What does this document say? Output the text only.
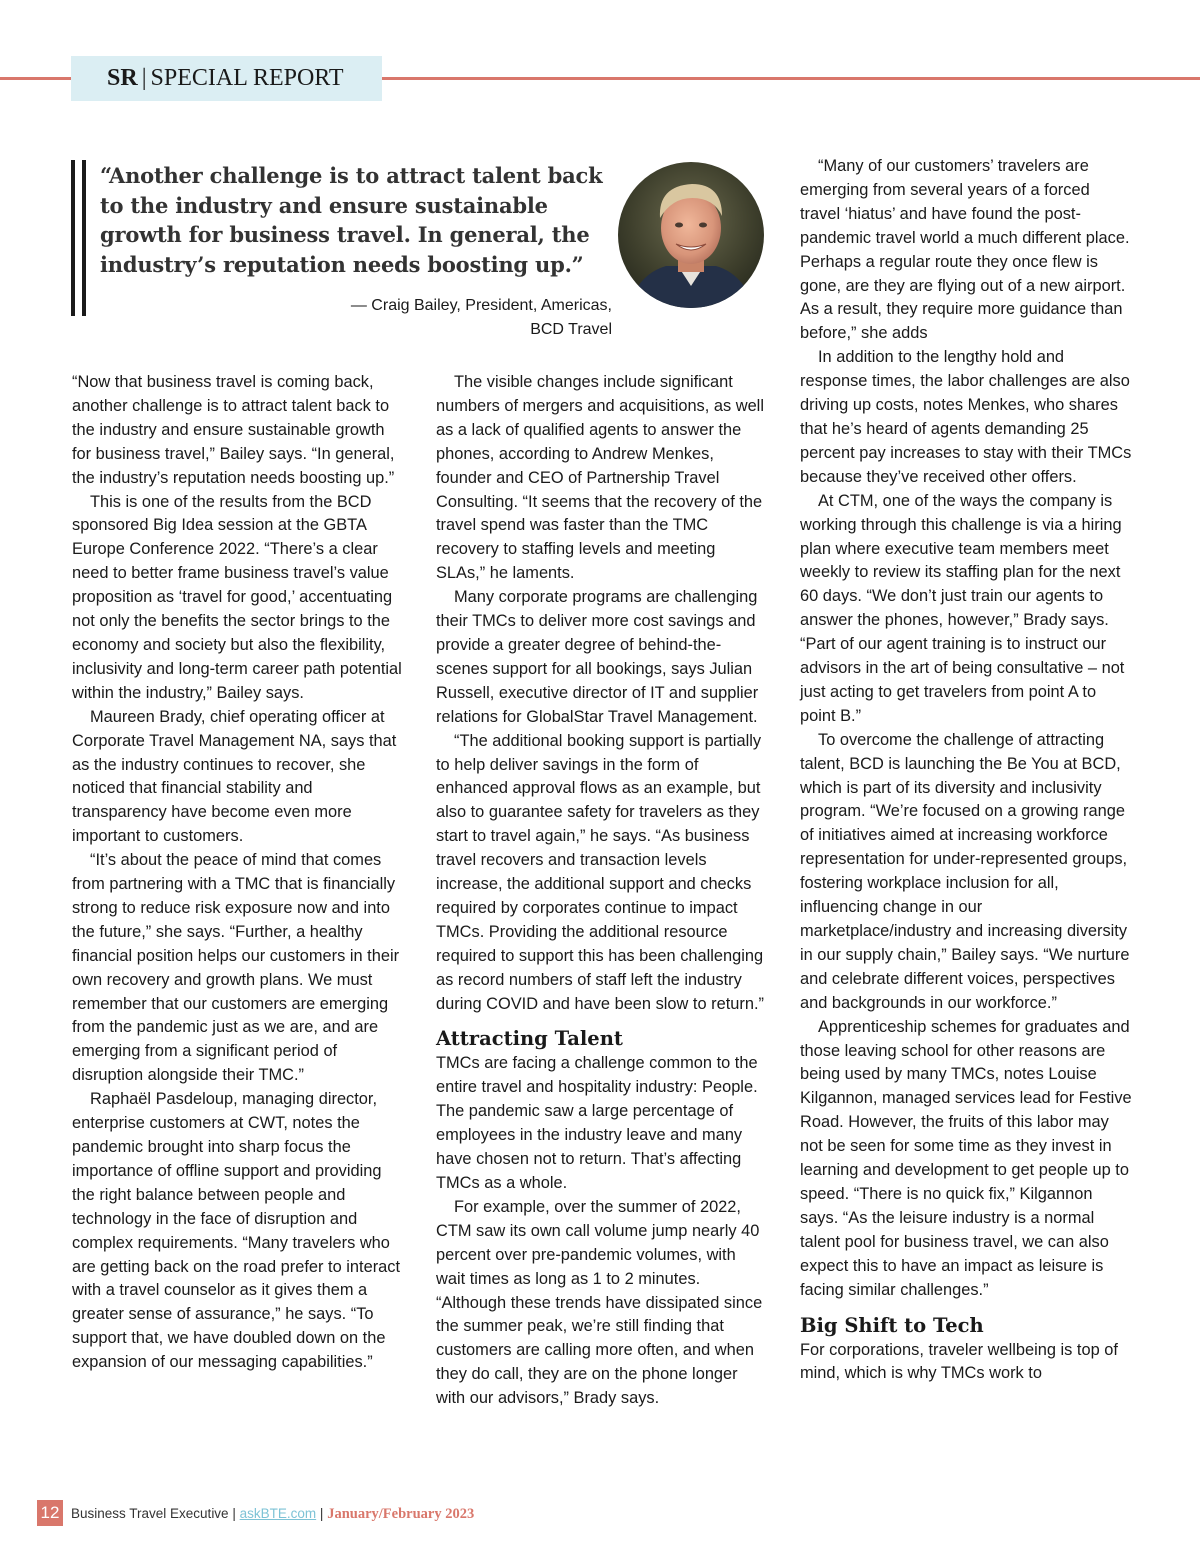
SR | SPECIAL REPORT
“Another challenge is to attract talent back to the industry and ensure sustainable growth for business travel. In general, the industry’s reputation needs boosting up.”
— Craig Bailey, President, Americas,
BCD Travel

“Now that business travel is coming back, another challenge is to attract talent back to the industry and ensure sustainable growth for business travel,” Bailey says. “In general, the industry’s reputation needs boosting up.”

This is one of the results from the BCD sponsored Big Idea session at the GBTA Europe Conference 2022. “There’s a clear need to better frame business travel’s value proposition as ‘travel for good,’ accentuating not only the benefits the sector brings to the economy and society but also the flexibility, inclusivity and long-term career path potential within the industry,” Bailey says.

Maureen Brady, chief operating officer at Corporate Travel Management NA, says that as the industry continues to recover, she noticed that financial stability and transparency have become even more important to customers.

“It’s about the peace of mind that comes from partnering with a TMC that is financially strong to reduce risk exposure now and into the future,” she says. “Further, a healthy financial position helps our customers in their own recovery and growth plans. We must remember that our customers are emerging from the pandemic just as we are, and are emerging from a significant period of disruption alongside their TMC.”

Raphaël Pasdeloup, managing director, enterprise customers at CWT, notes the pandemic brought into sharp focus the importance of offline support and providing the right balance between people and technology in the face of disruption and complex requirements. “Many travelers who are getting back on the road prefer to interact with a travel counselor as it gives them a greater sense of assurance,” he says. “To support that, we have doubled down on the expansion of our messaging capabilities.”

The visible changes include significant numbers of mergers and acquisitions, as well as a lack of qualified agents to answer the phones, according to Andrew Menkes, founder and CEO of Partnership Travel Consulting. “It seems that the recovery of the travel spend was faster than the TMC recovery to staffing levels and meeting SLAs,” he laments.

Many corporate programs are challenging their TMCs to deliver more cost savings and provide a greater degree of behind-the-scenes support for all bookings, says Julian Russell, executive director of IT and supplier relations for GlobalStar Travel Management.

“The additional booking support is partially to help deliver savings in the form of enhanced approval flows as an example, but also to guarantee safety for travelers as they start to travel again,” he says. “As business travel recovers and transaction levels increase, the additional support and checks required by corporates continue to impact TMCs. Providing the additional resource required to support this has been challenging as record numbers of staff left the industry during COVID and have been slow to return.”

Attracting Talent

TMCs are facing a challenge common to the entire travel and hospitality industry: People. The pandemic saw a large percentage of employees in the industry leave and many have chosen not to return. That’s affecting TMCs as a whole.

For example, over the summer of 2022, CTM saw its own call volume jump nearly 40 percent over pre-pandemic volumes, with wait times as long as 1 to 2 minutes. “Although these trends have dissipated since the summer peak, we’re still finding that customers are calling more often, and when they do call, they are on the phone longer with our advisors,” Brady says.

“Many of our customers’ travelers are emerging from several years of a forced travel ‘hiatus’ and have found the post-pandemic travel world a much different place. Perhaps a regular route they once flew is gone, are they are flying out of a new airport. As a result, they require more guidance than before,” she adds

In addition to the lengthy hold and response times, the labor challenges are also driving up costs, notes Menkes, who shares that he’s heard of agents demanding 25 percent pay increases to stay with their TMCs because they’ve received other offers.

At CTM, one of the ways the company is working through this challenge is via a hiring plan where executive team members meet weekly to review its staffing plan for the next 60 days. “We don’t just train our agents to answer the phones, however,” Brady says. “Part of our agent training is to instruct our advisors in the art of being consultative – not just acting to get travelers from point A to point B.”

To overcome the challenge of attracting talent, BCD is launching the Be You at BCD, which is part of its diversity and inclusivity program. “We’re focused on a growing range of initiatives aimed at increasing workforce representation for under-represented groups, fostering workplace inclusion for all, influencing change in our marketplace/industry and increasing diversity in our supply chain,” Bailey says. “We nurture and celebrate different voices, perspectives and backgrounds in our workforce.”

Apprenticeship schemes for graduates and those leaving school for other reasons are being used by many TMCs, notes Louise Kilgannon, managed services lead for Festive Road. However, the fruits of this labor may not be seen for some time as they invest in learning and development to get people up to speed. “There is no quick fix,” Kilgannon says. “As the leisure industry is a normal talent pool for business travel, we can also expect this to have an impact as leisure is facing similar challenges.”

Big Shift to Tech

For corporations, traveler wellbeing is top of mind, which is why TMCs work to

12 Business Travel Executive | askBTE.com | January/February 2023
